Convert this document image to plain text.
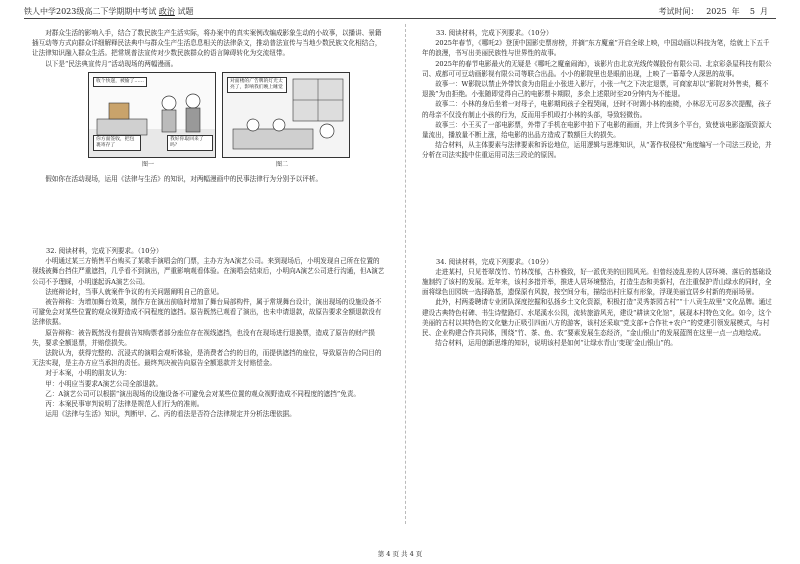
铁人中学2023级高二下学期期中考试 政治 试题	考试时间： 2025 年 5 月

对群众生活的影响入手，结合了数民族生产生活实际，将办案中的真实案例改编成影象生动的小故事，以播讲、景籍插互动等方式向群众详细解释民法典中与群众生产生活息息相关的法律条文，推动普法宣传与当地少数民族文化相结合，让法律知识融入群众生活。把常规普法宣传对少数民族群众的语言障碍转化为交流纽带。

以下是“民法典宣传月”活动现场的两幅漫画。

收个快递，被偷了……
你方面签收，把包裹寄存了
我好你取回来了吗？
对面楼的广告牌的灯光太亮了，影响我们晚上睡觉
图一	图二

假如你在活动现场，运用《法律与生活》的知识，对两幅漫画中的民事法律行为分别予以评析。

32. 阅读材料，完成下列要求。（10分）

小明通过某三方销售平台购买了某歌手演唱会的门票，主办方为A演艺公司。来到现场后，小明发现自己所在位置的视线被舞台挡住严重遮挡，几乎看不到演出，严重影响观看体验。在演唱会结束后，小明向A演艺公司进行沟通，但A演艺公司不予理睬，小明遂起诉A演艺公司。

法庭辩论时，当事人就案件争议的有关问题阐明自己的意见。

被告辩称：为增加舞台效果，制作方在演出前临时增加了舞台局部构件，属于常规舞台设计，演出现场的设施设备不可避免会对某些位置的观众视野造成不同程度的遮挡。原告既然已观看了演出，也未申请退款，故原告要求全额退款没有法律依据。

原告辩称：被告既然没有提前告知购票者部分座位存在视线遮挡，也没有在现场进行退换票，造成了原告的财产损失，要求全额退票，并赔偿损失。

法院认为，获得完整的、沉浸式的演唱会观听体验，是消费者合约的目的，而提供遮挡的座位，导致原告的合同目的无法实现，是主办方应当承担的责任。最终判决被告向原告全额退款并支付赔偿金。

对于本案，小明的朋友认为：

甲：小明应当要求A演艺公司全部退款。

乙：A演艺公司可以根据“演出现场的设施设备不可避免会对某些位置的观众视野造成不同程度的遮挡”免责。

丙：本案民事审判说明了法律是规范人们行为的准则。

运用《法律与生活》知识，判断甲、乙、丙的看法是否符合法律规定并分析法理依据。

33. 阅读材料，完成下列要求。（10分）

2025年春节，《哪吒2》登顶中国影史票房榜，并摘“东方魔童”开启全球上映，中国动画以科技为笔，绘就上下五千年的浪漫，书写出美丽民族性与世界性的故事。

2025年的春节电影最火的无疑是《哪吒之魔童闹海》，该影片由北京光线传媒股份有限公司、北京彩条屋科技有限公司、成都可可豆动画影视有限公司等联合出品。小小的影院里也是眼前出现，上映了一幕幕令人深思的故事。

故事一：W影院以禁止外带饮食为由阻止小张进入影厅，小张一气之下决定退票，可商家却以“影院对外售卖，概不退换”为由拒绝。小张随即觉得自己的电影票卡期限，多余上述限时至20分钟内为不能退。

故事二：小林的身后坐着一对母子，电影期间孩子全程哭闹，还时不时踢小林的座椅，小林忍无可忍多次提醒，孩子的母亲不仅没有制止小孩的行为，反而用手机殴打小林的头部，导致轻微伤。

故事三：小王买了一部电影票，外带了手机在电影中拍下了电影的画面，并上传到多个平台，致使该电影盗版资源大量流出，播放量不断上涨，给电影的出品方造成了数额巨大的损失。

结合材料，从主体要素与法律要素和诉讼地位，运用逻辑与思维知识，从“著作权侵权”角度编写一个司法三段论，并分析在司法实践中住重运用司法三段论的原因。

34. 阅读材料，完成下列要求。（10分）

走进某村，只见苍翠茂竹、竹林茂郁，古朴雅致，好一派优美的田园风光。但曾经凌乱差的人居环境、落后的基础设施制约了该村的发展。近年来，该村多措并举，推进人居环境整治，打造生态和美新村，在注重保护青山绿水的同时，全面将绿色田园统一选择路基，遗保原有风貌，按空间分布，描绘出村庄原有形象，浮现美丽宜居乡村新的亮丽场景。

此外，村两委聘请专业团队深度挖掘和弘扬乡土文化资源，积极打造“灵秀茶园古村”“十八贡生故里”文化品牌。通过建设古典特色村碑、书生诗壁路灯、水尾溪水公园，流转旅游风光，建设“耕读文化馆”，展现本村特色文化。如今，这个美丽的古村以其特色的文化魅力正吸引四面八方的游客，该村还采取“党支部+合作社+农户”的党建引领发展模式，与村民、企业构建合作共同体，围绕“竹、茶、鱼、农”要素发展生态经济，“金山银山”的发展蓝图在这里一点一点地绘成。

结合材料，运用创新思维的知识，说明该村是如何“让绿水青山‘变现’金山银山”的。

第 4 页 共 4 页
